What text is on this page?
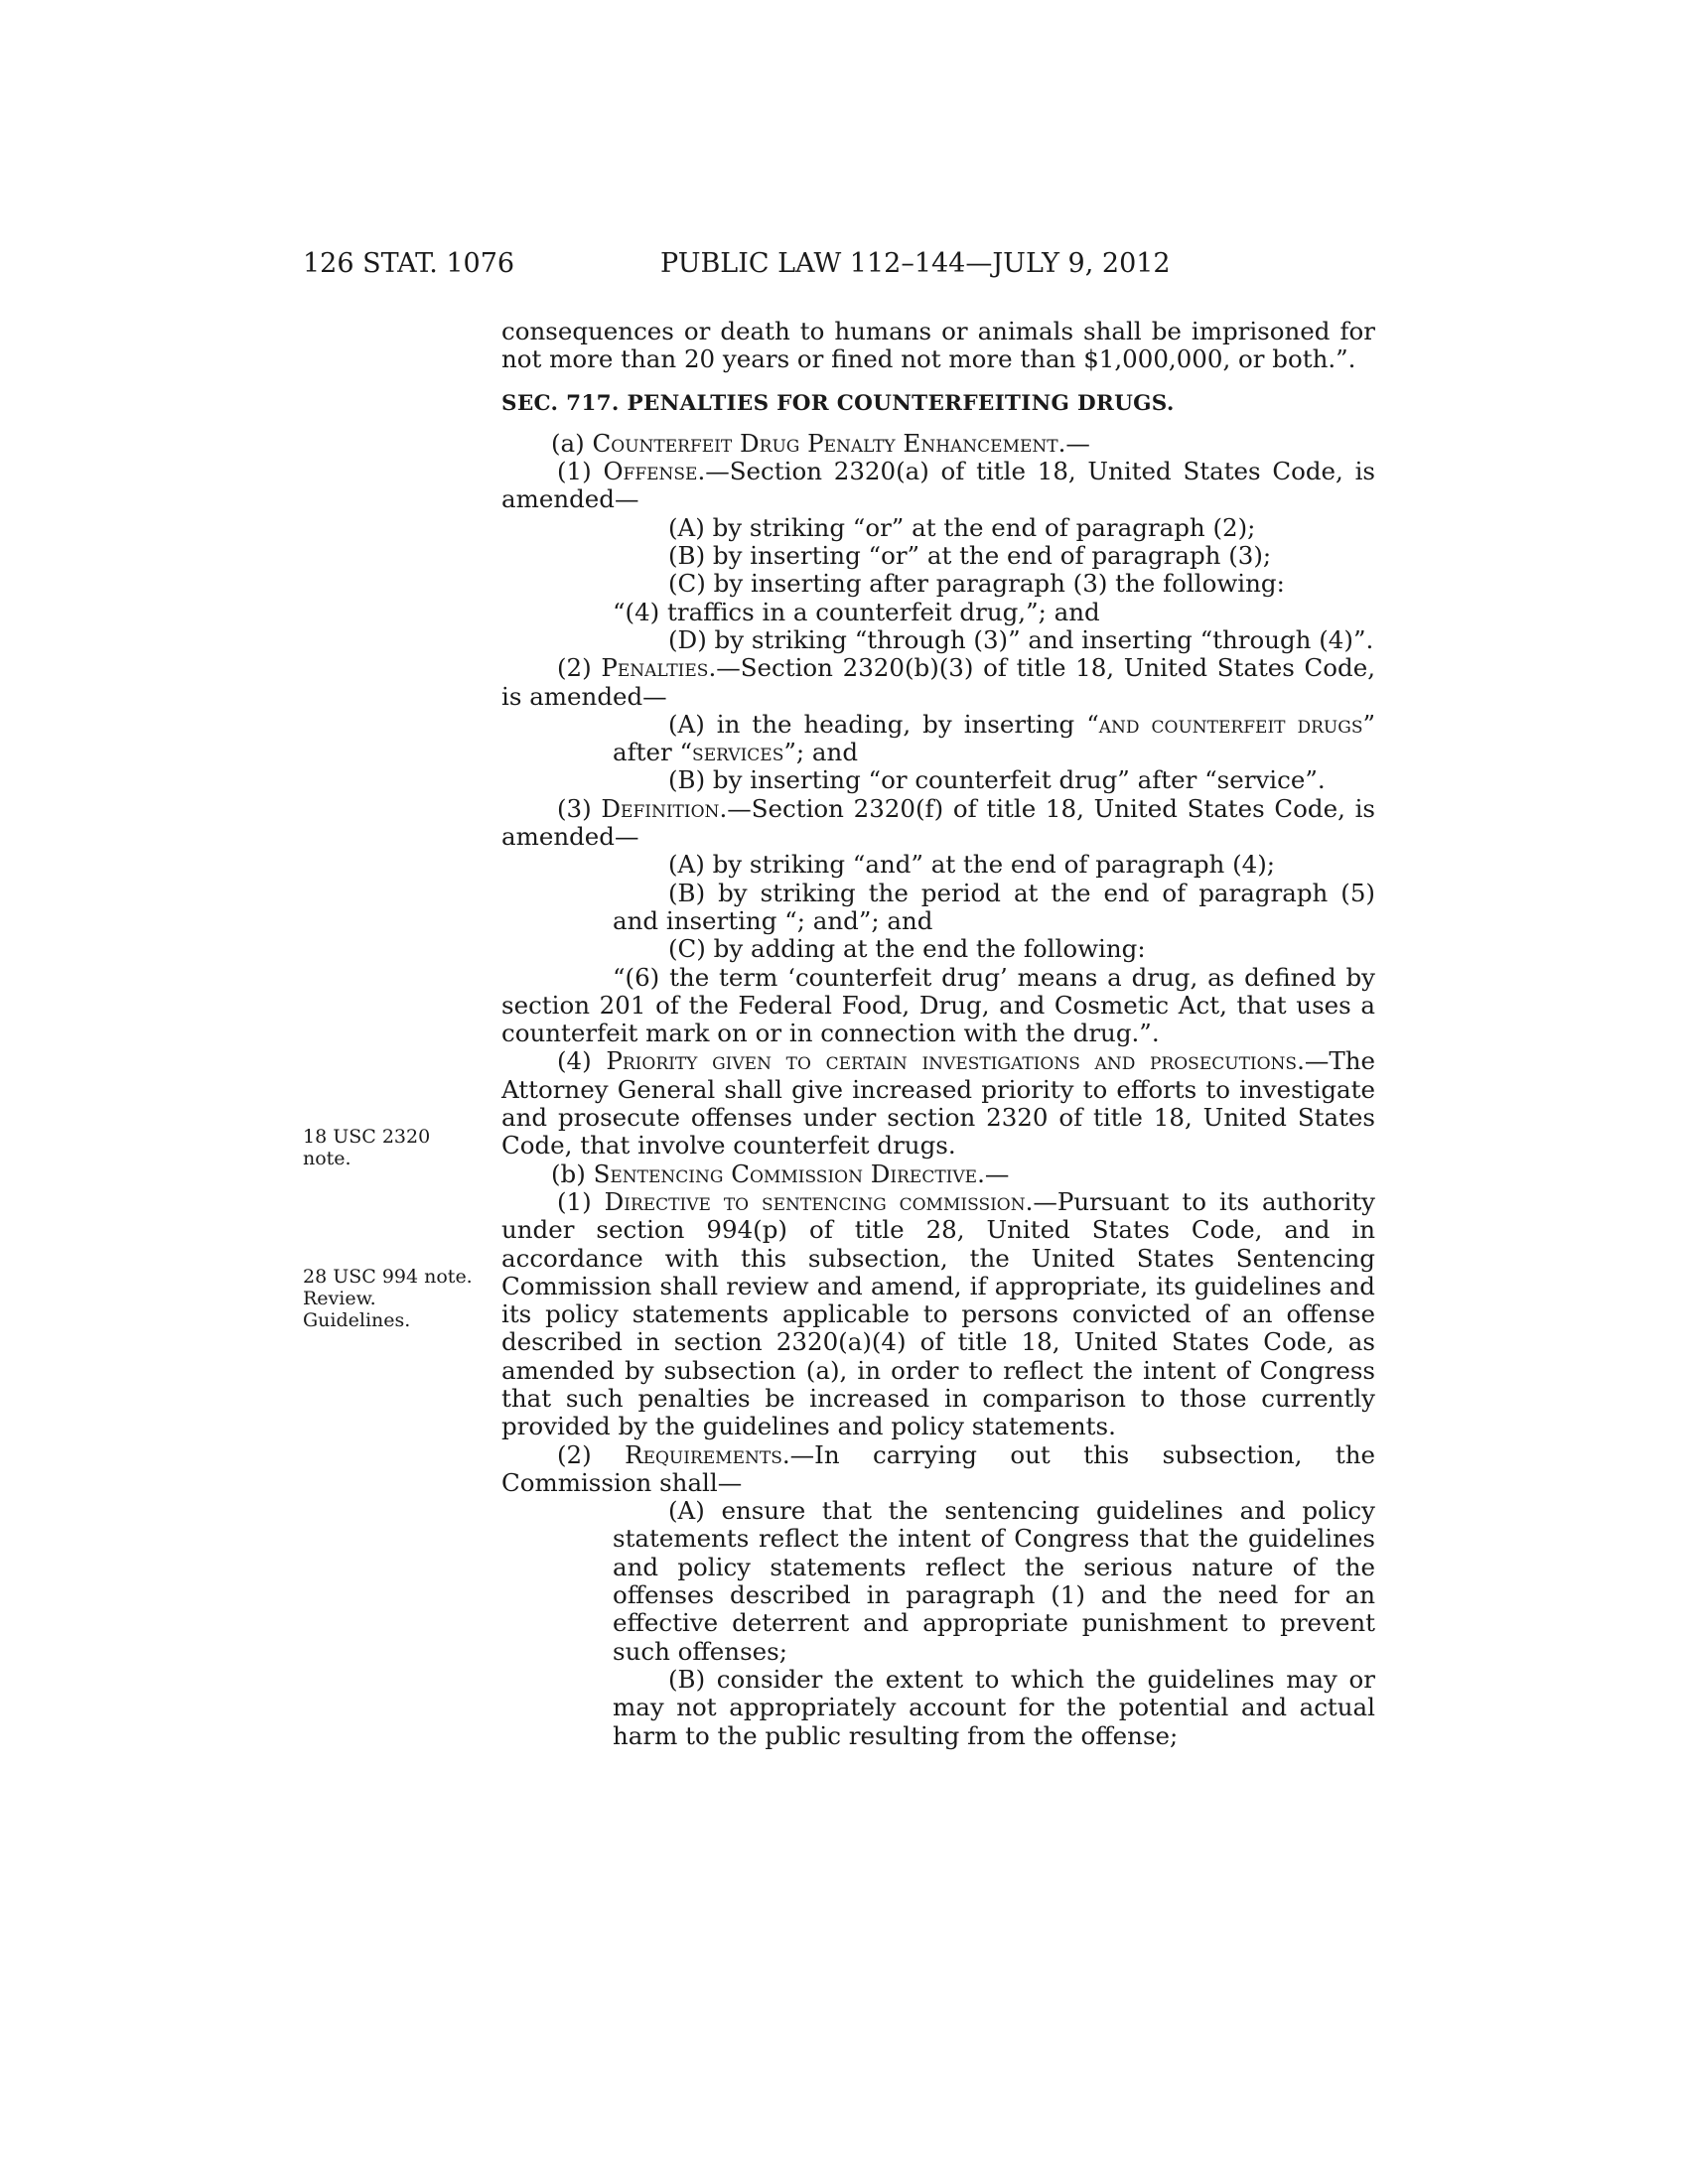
126 STAT. 1076	PUBLIC LAW 112–144—JULY 9, 2012
18 USC 2320
note.
28 USC 994 note.
Review.
Guidelines.

consequences or death to humans or animals shall be imprisoned for not more than 20 years or fined not more than $1,000,000, or both.”.

SEC. 717. PENALTIES FOR COUNTERFEITING DRUGS.

(a) Counterfeit Drug Penalty Enhancement.—

(1) Offense.—Section 2320(a) of title 18, United States Code, is amended—

(A) by striking “or” at the end of paragraph (2);

(B) by inserting “or” at the end of paragraph (3);

(C) by inserting after paragraph (3) the following:

“(4) traffics in a counterfeit drug,”; and

(D) by striking “through (3)” and inserting “through (4)”.

(2) Penalties.—Section 2320(b)(3) of title 18, United States Code, is amended—

(A) in the heading, by inserting “and counterfeit drugs” after “services”; and

(B) by inserting “or counterfeit drug” after “service”.

(3) Definition.—Section 2320(f) of title 18, United States Code, is amended—

(A) by striking “and” at the end of paragraph (4);

(B) by striking the period at the end of paragraph (5) and inserting “; and”; and

(C) by adding at the end the following:

“(6) the term ‘counterfeit drug’ means a drug, as defined by section 201 of the Federal Food, Drug, and Cosmetic Act, that uses a counterfeit mark on or in connection with the drug.”.

(4) Priority given to certain investigations and prosecutions.—The Attorney General shall give increased priority to efforts to investigate and prosecute offenses under section 2320 of title 18, United States Code, that involve counterfeit drugs.

(b) Sentencing Commission Directive.—

(1) Directive to sentencing commission.—Pursuant to its authority under section 994(p) of title 28, United States Code, and in accordance with this subsection, the United States Sentencing Commission shall review and amend, if appropriate, its guidelines and its policy statements applicable to persons convicted of an offense described in section 2320(a)(4) of title 18, United States Code, as amended by subsection (a), in order to reflect the intent of Congress that such penalties be increased in comparison to those currently provided by the guidelines and policy statements.

(2) Requirements.—In carrying out this subsection, the Commission shall—

(A) ensure that the sentencing guidelines and policy statements reflect the intent of Congress that the guidelines and policy statements reflect the serious nature of the offenses described in paragraph (1) and the need for an effective deterrent and appropriate punishment to prevent such offenses;

(B) consider the extent to which the guidelines may or may not appropriately account for the potential and actual harm to the public resulting from the offense;
